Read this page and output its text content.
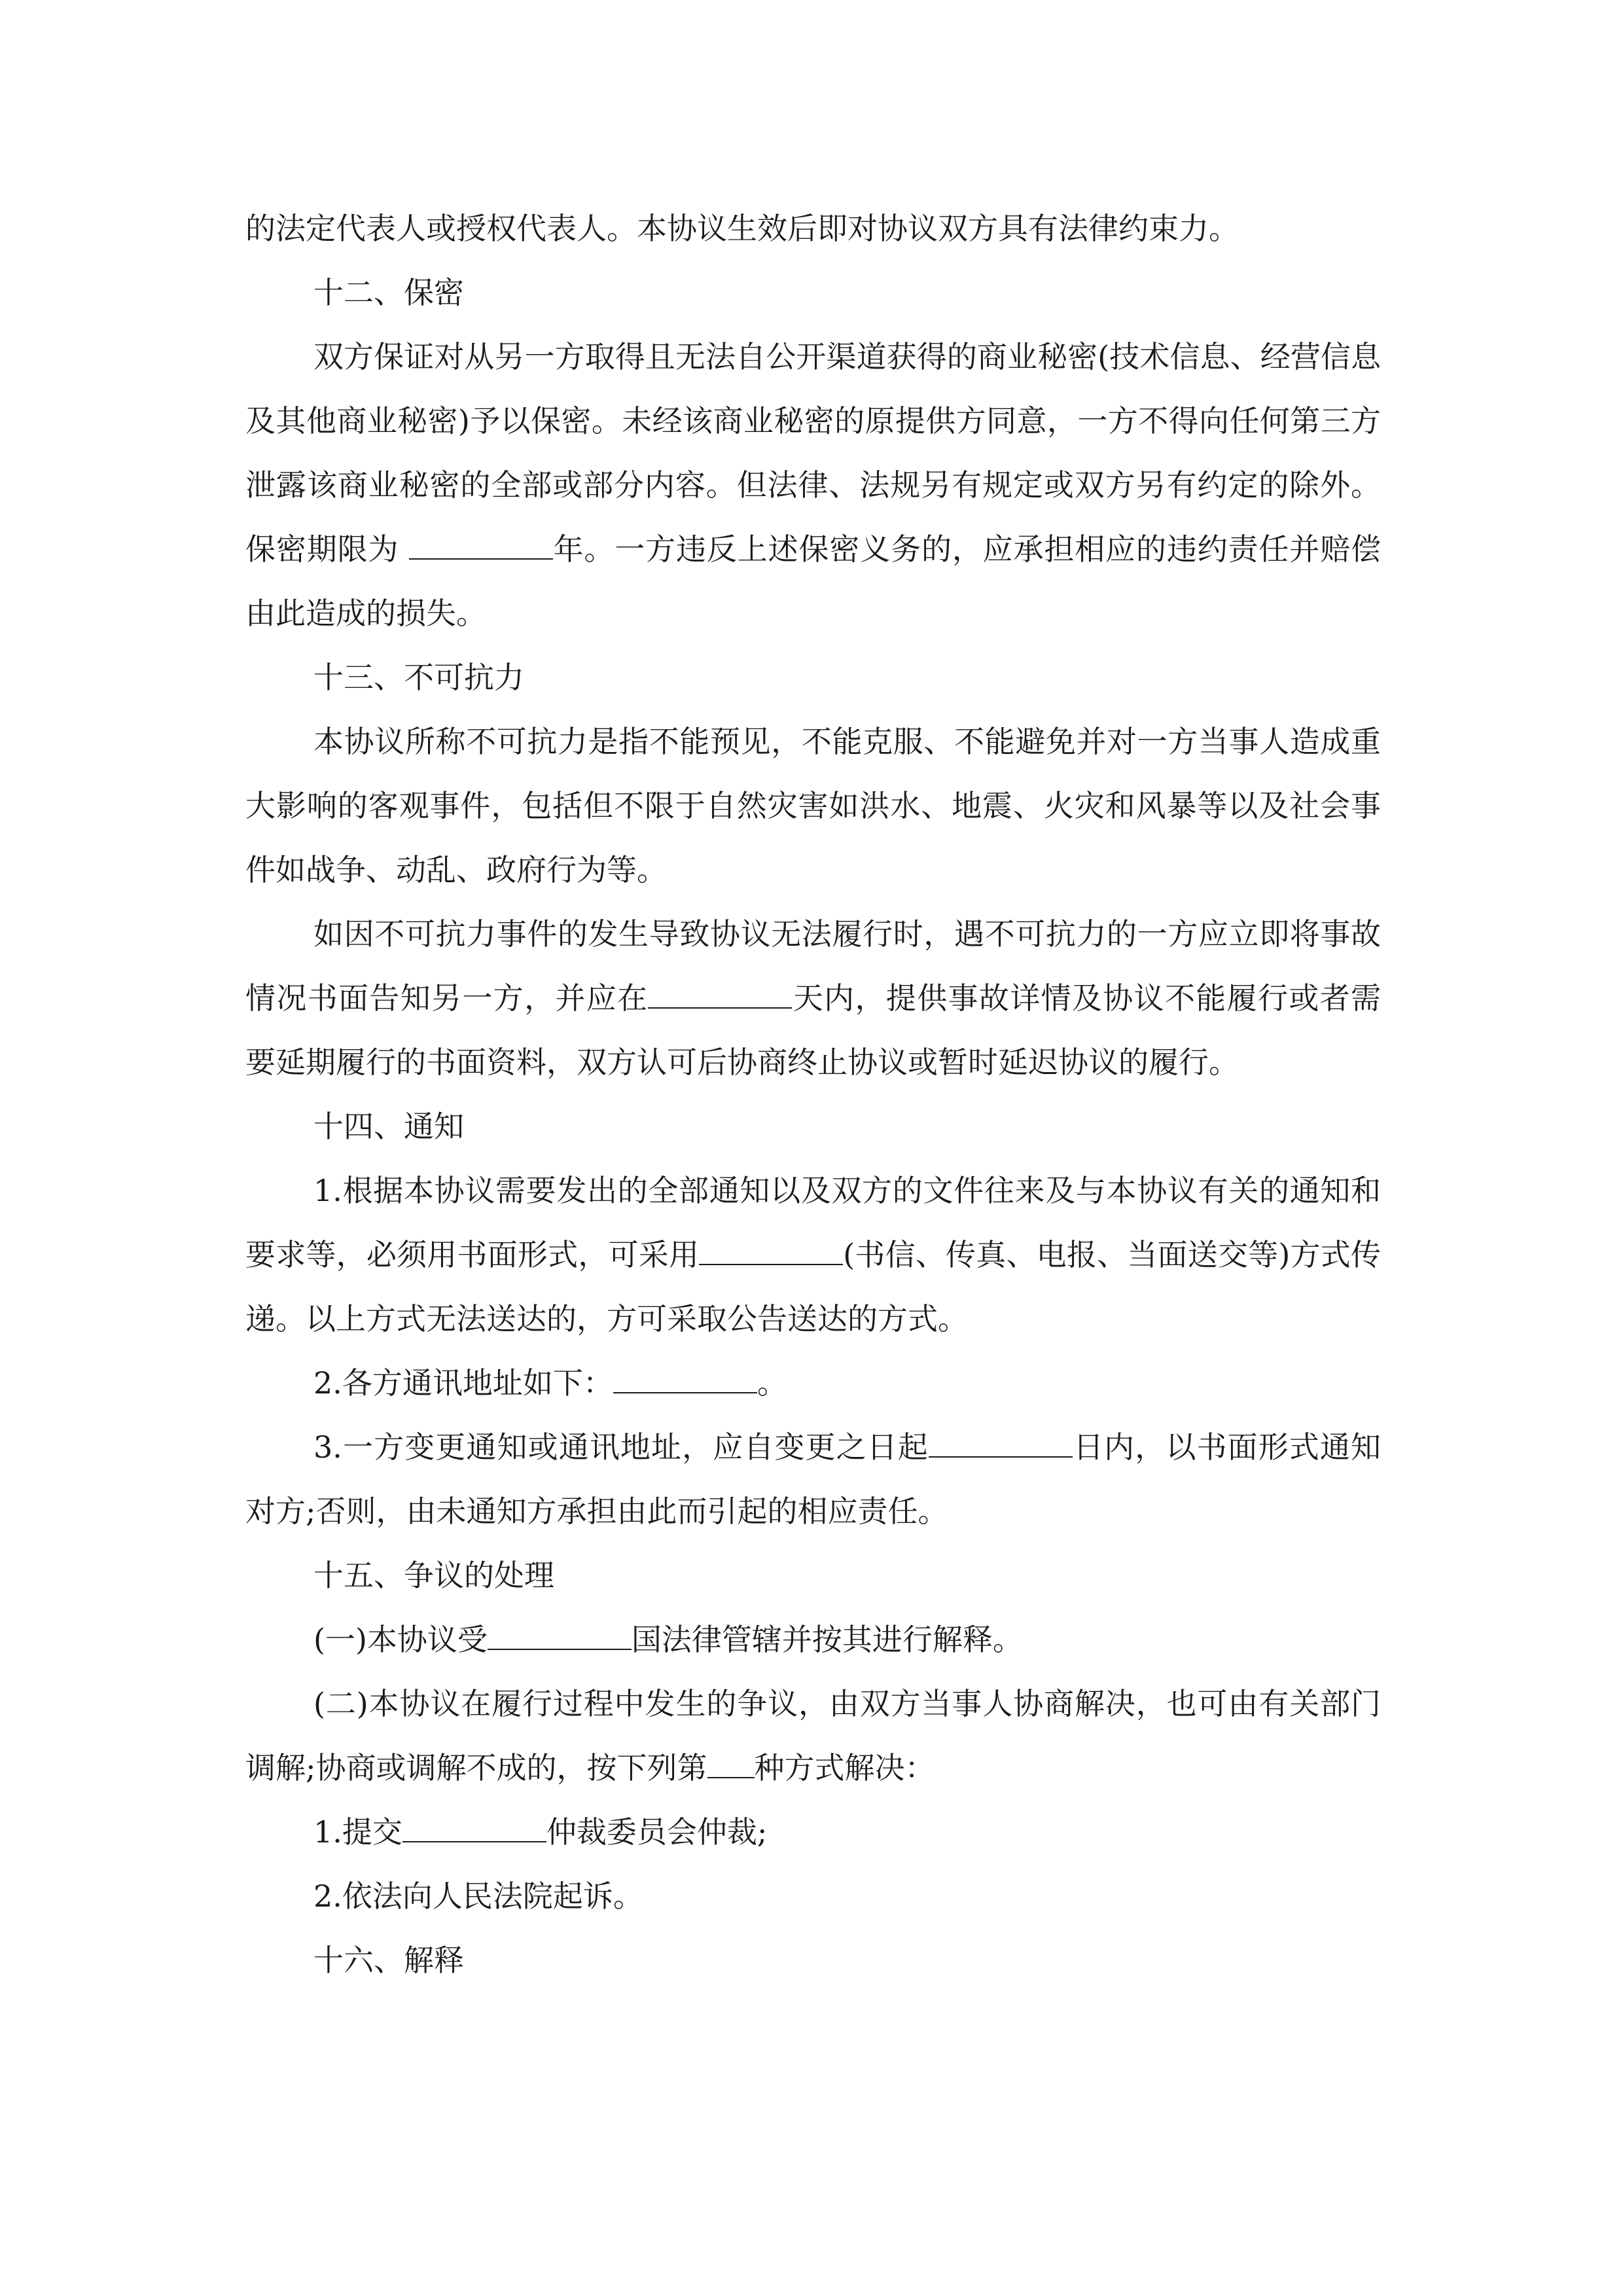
的法定代表人或授权代表人。本协议生效后即对协议双方具有法律约束力。

十二、保密

双方保证对从另一方取得且无法自公开渠道获得的商业秘密(技术信息、经营信息及其他商业秘密)予以保密。未经该商业秘密的原提供方同意，一方不得向任何第三方泄露该商业秘密的全部或部分内容。但法律、法规另有规定或双方另有约定的除外。保密期限为	年。一方违反上述保密义务的，应承担相应的违约责任并赔偿由此造成的损失。

十三、不可抗力

本协议所称不可抗力是指不能预见，不能克服、不能避免并对一方当事人造成重大影响的客观事件，包括但不限于自然灾害如洪水、地震、火灾和风暴等以及社会事件如战争、动乱、政府行为等。

如因不可抗力事件的发生导致协议无法履行时，遇不可抗力的一方应立即将事故情况书面告知另一方，并应在	天内，提供事故详情及协议不能履行或者需要延期履行的书面资料，双方认可后协商终止协议或暂时延迟协议的履行。

十四、通知

1.根据本协议需要发出的全部通知以及双方的文件往来及与本协议有关的通知和要求等，必须用书面形式，可采用	(书信、传真、电报、当面送交等)方式传递。以上方式无法送达的，方可采取公告送达的方式。

2.各方通讯地址如下：	。

3.一方变更通知或通讯地址，应自变更之日起	日内，以书面形式通知对方;否则，由未通知方承担由此而引起的相应责任。

十五、争议的处理

(一)本协议受	国法律管辖并按其进行解释。

(二)本协议在履行过程中发生的争议，由双方当事人协商解决，也可由有关部门调解;协商或调解不成的，按下列第 种方式解决：

1.提交	仲裁委员会仲裁;

2.依法向人民法院起诉。

十六、解释
